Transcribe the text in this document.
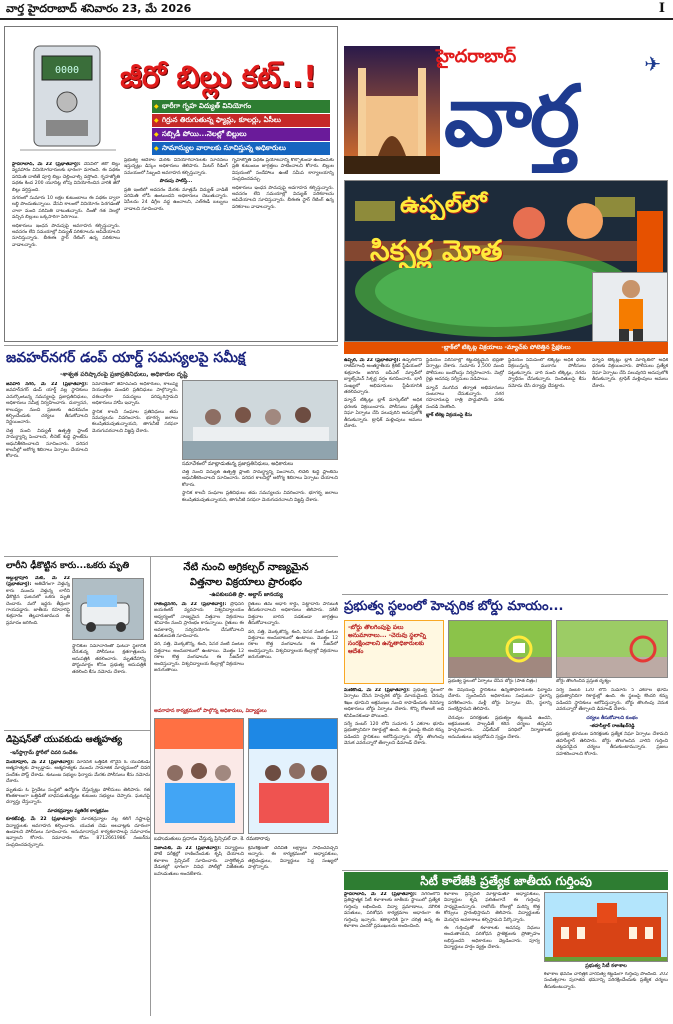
వార్త హైదరాబాద్ శనివారం 23, మే 2026	I
0000 జీరో బిల్లు కట్..!
◆ భారీగా గృహ విద్యుత్ వినియోగం
◆ గిర్రున తిరుగుతున్న ఫ్యాన్లు, కూలర్లు, ఏసీలు
◆ సబ్సిడీ పోయి...నెలల్లో బిల్లులు
◆ సామాన్యుల వారాలకు సూచిస్తున్న అధికారులు

హైదరాబాద్, మే 22 (ప్రభాతవార్త): వేసవిలో జీరో బిల్లు వ్యవహారం వినియోగదారులకు భారంగా మారింది. ఈ పథకం పరిమితి దాటితే పూర్తి బిల్లు చెల్లించాల్సి వస్తోంది. గృహజ్యోతి పథకం కింద 200 యూనిట్ల లోపు వినియోగించిన వారికి జీరో బిల్లు వర్తిస్తుంది.

నగరంలో సుమారు 10 లక్షల కుటుంబాలు ఈ పథకం ద్వారా లబ్ధి పొందుతున్నాయి. వేసవి కాలంలో వినియోగం పెరగడంతో చాలా మంది పరిమితి దాటుతున్నారు. దీంతో గత నెలల్లో వచ్చిన బిల్లులు ఒక్కసారిగా పెరిగాయి.

అధికారులు ఇంధన పొదుపుపై అవగాహన కల్పిస్తున్నారు. అవసరం లేని సమయాల్లో విద్యుత్ పరికరాలను ఆపివేయాలని సూచిస్తున్నారు. బీఈఈ స్టార్ రేటింగ్ ఉన్న పరికరాలు వాడాలన్నారు.

ప్రభుత్వ ఆదేశాల మేరకు వినియోగదారులకు సూచనలు ఇస్తున్నట్లు డిస్కం అధికారులు తెలిపారు. మీటర్ రీడింగ్ సమయంలో సిబ్బంది అవగాహన కల్పిస్తున్నారు.

పొదుపు పాటిస్తే...

ప్రతి ఇంటిలో అవసరం మేరకు మాత్రమే విద్యుత్ వాడితే పరిమితి లోపే ఉంటుందని అధికారులు చెబుతున్నారు. ఏసీలను 24 డిగ్రీల వద్ద ఉంచాలని, ఎల్‌ఈడీ బల్బులు వాడాలని సూచించారు.

గృహజ్యోతి పథకం ప్రయోజనాన్ని కోల్పోకుండా ఉండేందుకు ప్రతి కుటుంబం జాగ్రత్తలు పాటించాలని కోరారు. బిల్లుల విషయంలో సందేహాలు ఉంటే సమీప కార్యాలయాన్ని సంప్రదించవచ్చు.

అధికారులు ఇంధన పొదుపుపై అవగాహన కల్పిస్తున్నారు. అవసరం లేని సమయాల్లో విద్యుత్ పరికరాలను ఆపివేయాలని సూచిస్తున్నారు. బీఈఈ స్టార్ రేటింగ్ ఉన్న పరికరాలు వాడాలన్నారు.

హైదరాబాద్
వార్త
✈
ఉప్పల్‌లో
సిక్సర్ల మోత
-బ్లాక్‌లో టిక్కెట్ల విక్రయాలు -మ్యాచ్‌కు పోటెత్తిన ప్రేక్షకులు

ఉప్పల్, మే 22 (ప్రభాతవార్త): ఉప్పల్‌లోని రాజీవ్‌గాంధీ అంతర్జాతీయ క్రికెట్ స్టేడియంలో శుక్రవారం జరిగిన ఐపీఎల్ మ్యాచ్‌లో బ్యాట్స్‌మెన్ సిక్సర్ల వర్షం కురిపించారు. భారీ సంఖ్యలో అభిమానులు స్టేడియానికి తరలివచ్చారు.

మ్యాచ్ టిక్కెట్లు బ్లాక్ మార్కెట్‌లో అధిక ధరలకు విక్రయించారు. పోలీసులు ప్రత్యేక నిఘా ఏర్పాటు చేసి పలువురిని అదుపులోకి తీసుకున్నారు. ట్రాఫిక్ మళ్లింపులు అమలు చేశారు.

స్టేడియం పరిసరాల్లో కట్టుదిట్టమైన భద్రతా ఏర్పాట్లు చేశారు. సుమారు 2,500 మంది పోలీసులు బందోబస్తు నిర్వహించారు. మెట్రో రైళ్లు అదనపు సర్వీసులు నడిపాయి.

మ్యాచ్ ముగిసిన తర్వాత అభిమానులు సంబరాలు చేసుకున్నారు. నగర రహదారులపై రాత్రి పొద్దుపోయే వరకు సందడి నెలకొంది.

బ్లాక్ టికెట్ల విక్రయంపై కేసు

స్టేడియం సమీపంలో టిక్కెట్లు అధిక ధరకు విక్రయిస్తున్న ముఠాను పోలీసులు పట్టుకున్నారు. వారి నుంచి టిక్కెట్లు, నగదు స్వాధీనం చేసుకున్నారు. నిందితులపై కేసు నమోదు చేసి దర్యాప్తు చేపట్టారు.

మ్యాచ్ టిక్కెట్లు బ్లాక్ మార్కెట్‌లో అధిక ధరలకు విక్రయించారు. పోలీసులు ప్రత్యేక నిఘా ఏర్పాటు చేసి పలువురిని అదుపులోకి తీసుకున్నారు. ట్రాఫిక్ మళ్లింపులు అమలు చేశారు.

జవహర్‌నగర్ డంప్ యార్డ్ సమస్యలపై సమీక్ష
-శాశ్వత పరిష్కారంపై ప్రజాప్రతినిధులు, అధికారుల దృష్టి

జవహర్ నగర్, మే 22 (ప్రభాతవార్త): జవహర్‌నగర్ డంప్ యార్డ్ వల్ల స్థానికులు ఎదుర్కొంటున్న సమస్యలపై ప్రజాప్రతినిధులు, అధికారులు సమీక్ష నిర్వహించారు. దుర్వాసన, కాలుష్యం నుంచి ప్రజలకు ఉపశమనం కల్పించేందుకు చర్యలు తీసుకోవాలని నిర్ణయించారు.

చెత్త నుంచి విద్యుత్ ఉత్పత్తి ప్లాంట్ సామర్థ్యాన్ని పెంచాలని, లీచెట్ శుద్ధి ప్లాంట్‌ను ఆధునికీకరించాలని సూచించారు. పరిసర కాలనీల్లో ఆరోగ్య శిబిరాలు ఏర్పాటు చేయాలని కోరారు.

సమావేశంలో జీహెచ్‌ఎంసీ అధికారులు, కాలుష్య నియంత్రణ మండలి ప్రతినిధులు పాల్గొన్నారు. దశలవారీగా సమస్యలు పరిష్కరిస్తామని అధికారులు హామీ ఇచ్చారు.

స్థానిక కాలనీ సంఘాల ప్రతినిధులు తమ సమస్యలను వివరించారు. భూగర్భ జలాలు కలుషితమవుతున్నాయని, తాగునీటి సరఫరా మెరుగుపరచాలని విజ్ఞప్తి చేశారు.

సమావేశంలో మాట్లాడుతున్న ప్రజాప్రతినిధులు, అధికారులు

చెత్త నుంచి విద్యుత్ ఉత్పత్తి ప్లాంట్ సామర్థ్యాన్ని పెంచాలని, లీచెట్ శుద్ధి ప్లాంట్‌ను ఆధునికీకరించాలని సూచించారు. పరిసర కాలనీల్లో ఆరోగ్య శిబిరాలు ఏర్పాటు చేయాలని కోరారు.

స్థానిక కాలనీ సంఘాల ప్రతినిధులు తమ సమస్యలను వివరించారు. భూగర్భ జలాలు కలుషితమవుతున్నాయని, తాగునీటి సరఫరా మెరుగుపరచాలని విజ్ఞప్తి చేశారు.

లారీని ఢీకొట్టిన కారు...ఒకరు మృతి

అబ్దుల్లాపూర్ మెట్, మే 22 (ప్రభాతవార్త): అతివేగంగా వెళ్తున్న కారు ముందు వెళ్తున్న లారీని ఢీకొట్టిన ఘటనలో ఒకరు మృతి చెందారు. మరో ఇద్దరు తీవ్రంగా గాయపడ్డారు. జాతీయ రహదారిపై శుక్రవారం తెల్లవారుజామున ఈ ప్రమాదం జరిగింది.

స్థానికుల సమాచారంతో ఘటనా స్థలానికి చేరుకున్న పోలీసులు క్షతగాత్రులను ఆసుపత్రికి తరలించారు. మృతదేహాన్ని పోస్టుమార్టం కోసం ప్రభుత్వ ఆసుపత్రికి తరలించి కేసు నమోదు చేశారు.

డిప్రెషన్‌తో యువకుడు ఆత్మహత్య
-ఇన్‌స్టాగ్రామ్ స్టోరీలో చివరి సందేశం

మియాపూర్, మే 22 (ప్రభాతవార్త): మానసిక ఒత్తిడికి లోనైన ఓ యువకుడు ఆత్మహత్యకు పాల్పడ్డాడు. ఆత్మహత్యకు ముందు సామాజిక మాధ్యమంలో చివరి సందేశం పోస్ట్ చేశాడు. కుటుంబ సభ్యుల ఫిర్యాదు మేరకు పోలీసులు కేసు నమోదు చేశారు.

మృతుడు ఓ ప్రైవేటు సంస్థలో ఉద్యోగం చేస్తున్నట్లు పోలీసులు తెలిపారు. గత కొంతకాలంగా ఒత్తిడితో బాధపడుతున్నట్లు కుటుంబ సభ్యులు చెప్పారు. ఘటనపై దర్యాప్తు చేస్తున్నారు.

మాదకద్రవ్యాల వ్యతిరేక కార్యక్రమం

కూకట్‌పల్లి, మే 22 (ప్రభాతవార్త): మాదకద్రవ్యాల వల్ల కలిగే నష్టాలపై విద్యార్థులకు అవగాహన కల్పించారు. యువత చెడు అలవాట్లకు దూరంగా ఉండాలని పోలీసులు సూచించారు. అనుమానాస్పద కార్యకలాపాలపై సమాచారం ఇవ్వాలని కోరారు. సమాచారం కోసం 8712661986 నంబర్‌ను సంప్రదించవచ్చన్నారు.

నేటి నుంచి అగ్రికల్చర్ నాణ్యమైన
విత్తనాల విక్రయాలు ప్రారంభం
-ఉపకులపతి ప్రొ. అల్దాస్ జానయ్య

రాజేంద్రనగర్, మే 22 (ప్రభాతవార్త): ప్రొఫెసర్ జయశంకర్ వ్యవసాయ విశ్వవిద్యాలయం ఆధ్వర్యంలో నాణ్యమైన విత్తనాల విక్రయాలు శనివారం నుంచి ప్రారంభం కానున్నాయి. రైతులు ఈ అవకాశాన్ని సద్వినియోగం చేసుకోవాలని ఉపకులపతి సూచించారు.

వరి, పత్తి, మొక్కజొన్న, కంది, పెసర వంటి పంటల విత్తనాలు అందుబాటులో ఉంటాయి. మొత్తం 12 రకాల కొత్త వంగడాలను ఈ సీజన్‌లో అందిస్తున్నారు. విశ్వవిద్యాలయ కేంద్రాల్లో విక్రయాలు జరుగుతాయి.

రైతులు తమ ఆధార్ కార్డు, పట్టాదారు పాస్‌బుక్ తీసుకురావాలని అధికారులు తెలిపారు. నకిలీ విత్తనాల బారిన పడకుండా జాగ్రత్తలు తీసుకోవాలన్నారు.

వరి, పత్తి, మొక్కజొన్న, కంది, పెసర వంటి పంటల విత్తనాలు అందుబాటులో ఉంటాయి. మొత్తం 12 రకాల కొత్త వంగడాలను ఈ సీజన్‌లో అందిస్తున్నారు. విశ్వవిద్యాలయ కేంద్రాల్లో విక్రయాలు జరుగుతాయి.

అవగాహన కార్యక్రమంలో పాల్గొన్న అధికారులు, విద్యార్థులు
బహుమతులు ప్రదానం చేస్తున్న ప్రిన్సిపల్ డా. కె. రమణారావు

నిజాంపేట్, మే 22 (ప్రభాతవార్త): విద్యార్థులు పోటీ పరీక్షల్లో రాణించేందుకు కృషి చేయాలని కళాశాల ప్రిన్సిపల్ సూచించారు. వార్షికోత్సవ వేడుకల్లో భాగంగా వివిధ పోటీల్లో విజేతలకు బహుమతులు అందజేశారు.

క్రమశిక్షణతో చదివితే లక్ష్యాలు సాధించవచ్చని అన్నారు. ఈ కార్యక్రమంలో అధ్యాపకులు, తల్లిదండ్రులు, విద్యార్థులు పెద్ద సంఖ్యలో పాల్గొన్నారు.

ప్రభుత్వ స్థలంలో హెచ్చరిక బోర్డు మాయం...
-బోర్డు తొలగింపుపై పలు అనుమానాలు... -చెరువు స్థలాన్ని సంరక్షించాలని ఉన్నతాధికారులకు ఆదేశం
ప్రభుత్వ స్థలంలో ఏర్పాటు చేసిన బోర్డు (పాత చిత్రం)	బోర్డు తొలగించిన ప్రస్తుత దృశ్యం

మణికొండ, మే 22 (ప్రభాతవార్త): ప్రభుత్వ స్థలంలో ఏర్పాటు చేసిన హెచ్చరిక బోర్డు మాయమైంది. చెరువు శిఖం భూమిని ఆక్రమణల నుంచి కాపాడేందుకు రెవెన్యూ అధికారులు బోర్డు ఏర్పాటు చేశారు. కొన్ని రోజులకే అది కనిపించకుండా పోయింది.

సర్వే నంబర్ 120 లోని సుమారు 5 ఎకరాల భూమి ప్రభుత్వానిదిగా రికార్డుల్లో ఉంది. ఈ స్థలంపై కొందరి కన్ను పడిందని స్థానికులు ఆరోపిస్తున్నారు. బోర్డు తొలగింపు వెనుక ఎవరున్నారో తేల్చాలని డిమాండ్ చేశారు.

ఈ విషయంపై స్థానికులు ఉన్నతాధికారులకు ఫిర్యాదు చేశారు. స్పందించిన అధికారులు సంఘటనా స్థలాన్ని పరిశీలించారు. మళ్లీ బోర్డు ఏర్పాటు చేసి, స్థలాన్ని సంరక్షిస్తామని తెలిపారు.

చెరువుల పరిరక్షణకు ప్రభుత్వం కట్టుబడి ఉందని, ఆక్రమణలకు పాల్పడితే కఠిన చర్యలు తప్పవని హెచ్చరించారు. ఎఫ్‌టీఎల్ పరిధిలో నిర్మాణాలకు అనుమతులు ఇవ్వబోమని స్పష్టం చేశారు.

సర్వే నంబర్ 120 లోని సుమారు 5 ఎకరాల భూమి ప్రభుత్వానిదిగా రికార్డుల్లో ఉంది. ఈ స్థలంపై కొందరి కన్ను పడిందని స్థానికులు ఆరోపిస్తున్నారు. బోర్డు తొలగింపు వెనుక ఎవరున్నారో తేల్చాలని డిమాండ్ చేశారు.

చర్యలు తీసుకోవాలని కుంభం

-తహసీల్దార్ రాజశేఖర్‌రెడ్డి

ప్రభుత్వ భూముల పరిరక్షణకు ప్రత్యేక నిఘా ఏర్పాటు చేశామని తహసీల్దార్ తెలిపారు. బోర్డు తొలగించిన వారిని గుర్తించి చట్టపరమైన చర్యలు తీసుకుంటామన్నారు. ప్రజలు సహకరించాలని కోరారు.

సిటీ కాలేజీకి ప్రత్యేక జాతీయ గుర్తింపు

హైదరాబాద్, మే 22 (ప్రభాతవార్త): నగరంలోని ప్రతిష్ఠాత్మక సిటీ కళాశాలకు జాతీయ స్థాయిలో ప్రత్యేక గుర్తింపు లభించింది. విద్యా ప్రమాణాలు, మౌలిక వసతులు, పరిశోధన కార్యక్రమాల ఆధారంగా ఈ గుర్తింపు ఇచ్చారు. శతాబ్దానికి పైగా చరిత్ర ఉన్న ఈ కళాశాల ఎందరో ప్రముఖులను అందించింది.

కళాశాల ప్రిన్సిపల్ మాట్లాడుతూ అధ్యాపకులు, విద్యార్థుల కృషి ఫలితంగానే ఈ గుర్తింపు సాధ్యమైందన్నారు. రాబోయే రోజుల్లో మరిన్ని కొత్త కోర్సులు ప్రారంభిస్తామని తెలిపారు. విద్యార్థులకు మెరుగైన అవకాశాలు కల్పిస్తామని పేర్కొన్నారు.

ఈ గుర్తింపుతో కళాశాలకు అదనపు నిధులు అందుతాయని, పరిశోధన ప్రాజెక్టులకు ప్రోత్సాహం లభిస్తుందని అధికారులు వెల్లడించారు. పూర్వ విద్యార్థులు హర్షం వ్యక్తం చేశారు.

ప్రభుత్వ సిటీ కళాశాల

కళాశాల భవనం చారిత్రక వారసత్వ కట్టడంగా గుర్తింపు పొందింది. 202 సంవత్సరాల పురాతన భవనాన్ని పరిరక్షించేందుకు ప్రత్యేక చర్యలు తీసుకుంటున్నారు.
